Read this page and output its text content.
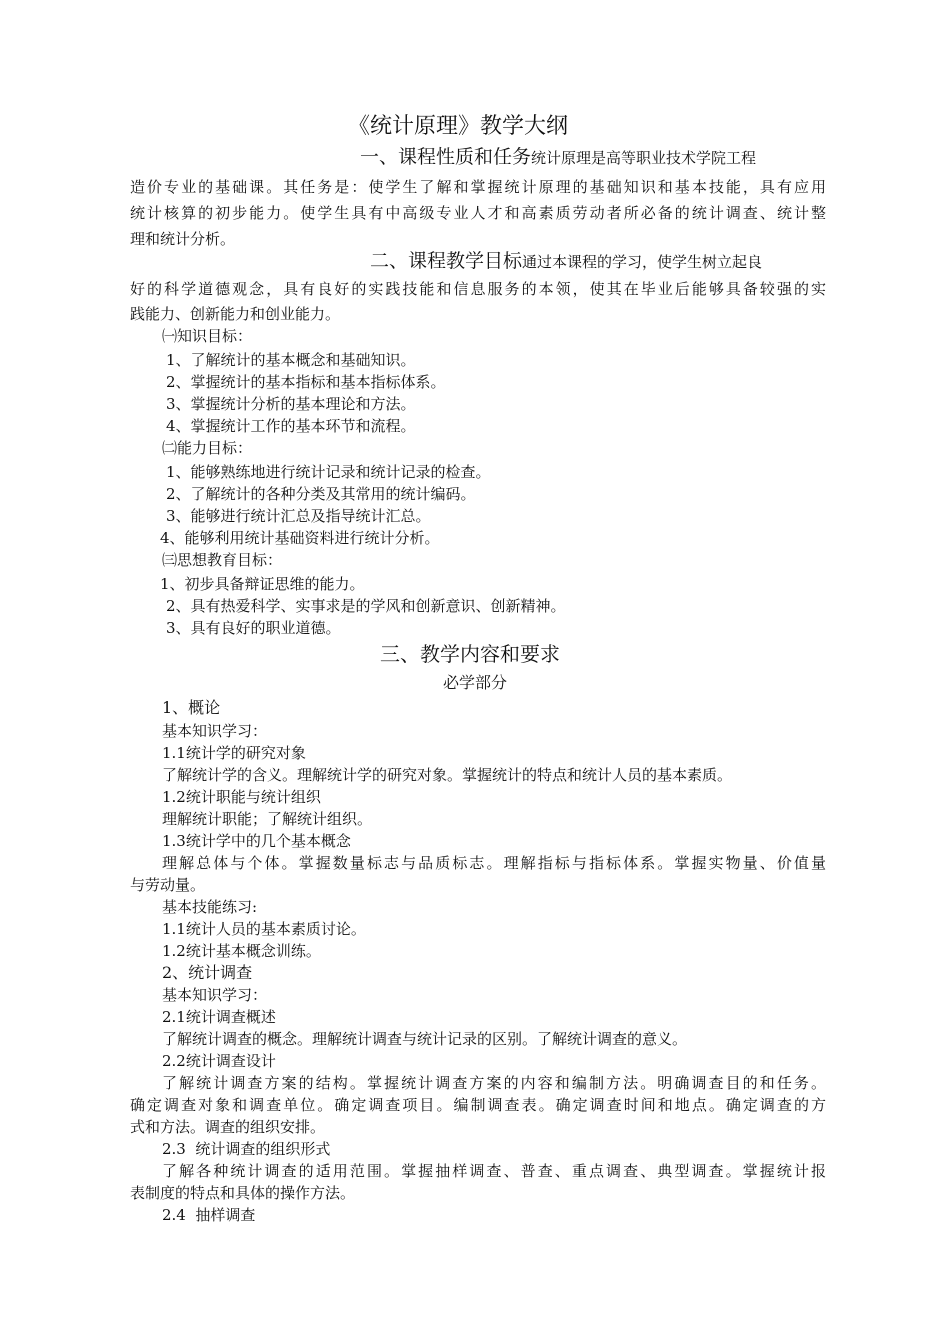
《统计原理》教学大纲
一、课程性质和任务统计原理是高等职业技术学院工程
造价专业的基础课。其任务是：使学生了解和掌握统计原理的基础知识和基本技能，具有应用
统计核算的初步能力。使学生具有中高级专业人才和高素质劳动者所必备的统计调查、统计整
理和统计分析。
二、课程教学目标通过本课程的学习，使学生树立起良
好的科学道德观念，具有良好的实践技能和信息服务的本领，使其在毕业后能够具备较强的实
践能力、创新能力和创业能力。
㈠知识目标：
1、了解统计的基本概念和基础知识。
2、掌握统计的基本指标和基本指标体系。
3、掌握统计分析的基本理论和方法。
4、掌握统计工作的基本环节和流程。
㈡能力目标：
1、能够熟练地进行统计记录和统计记录的检查。
2、了解统计的各种分类及其常用的统计编码。
3、能够进行统计汇总及指导统计汇总。
4、能够利用统计基础资料进行统计分析。
㈢思想教育目标：
1、初步具备辩证思维的能力。
2、具有热爱科学、实事求是的学风和创新意识、创新精神。
3、具有良好的职业道德。
三、教学内容和要求
必学部分
1、概论
基本知识学习：
1.1统计学的研究对象
了解统计学的含义。理解统计学的研究对象。掌握统计的特点和统计人员的基本素质。
1.2统计职能与统计组织
理解统计职能；了解统计组织。
1.3统计学中的几个基本概念
理解总体与个体。掌握数量标志与品质标志。理解指标与指标体系。掌握实物量、价值量
与劳动量。
基本技能练习:
1.1统计人员的基本素质讨论。
1.2统计基本概念训练。
2、统计调查
基本知识学习：
2.1统计调查概述
了解统计调查的概念。理解统计调查与统计记录的区别。了解统计调查的意义。
2.2统计调查设计
了解统计调查方案的结构。掌握统计调查方案的内容和编制方法。明确调查目的和任务。
确定调查对象和调查单位。确定调查项目。编制调查表。确定调查时间和地点。确定调查的方
式和方法。调查的组织安排。
2.3  统计调查的组织形式
了解各种统计调查的适用范围。掌握抽样调查、普查、重点调查、典型调查。掌握统计报
表制度的特点和具体的操作方法。
2.4  抽样调查
